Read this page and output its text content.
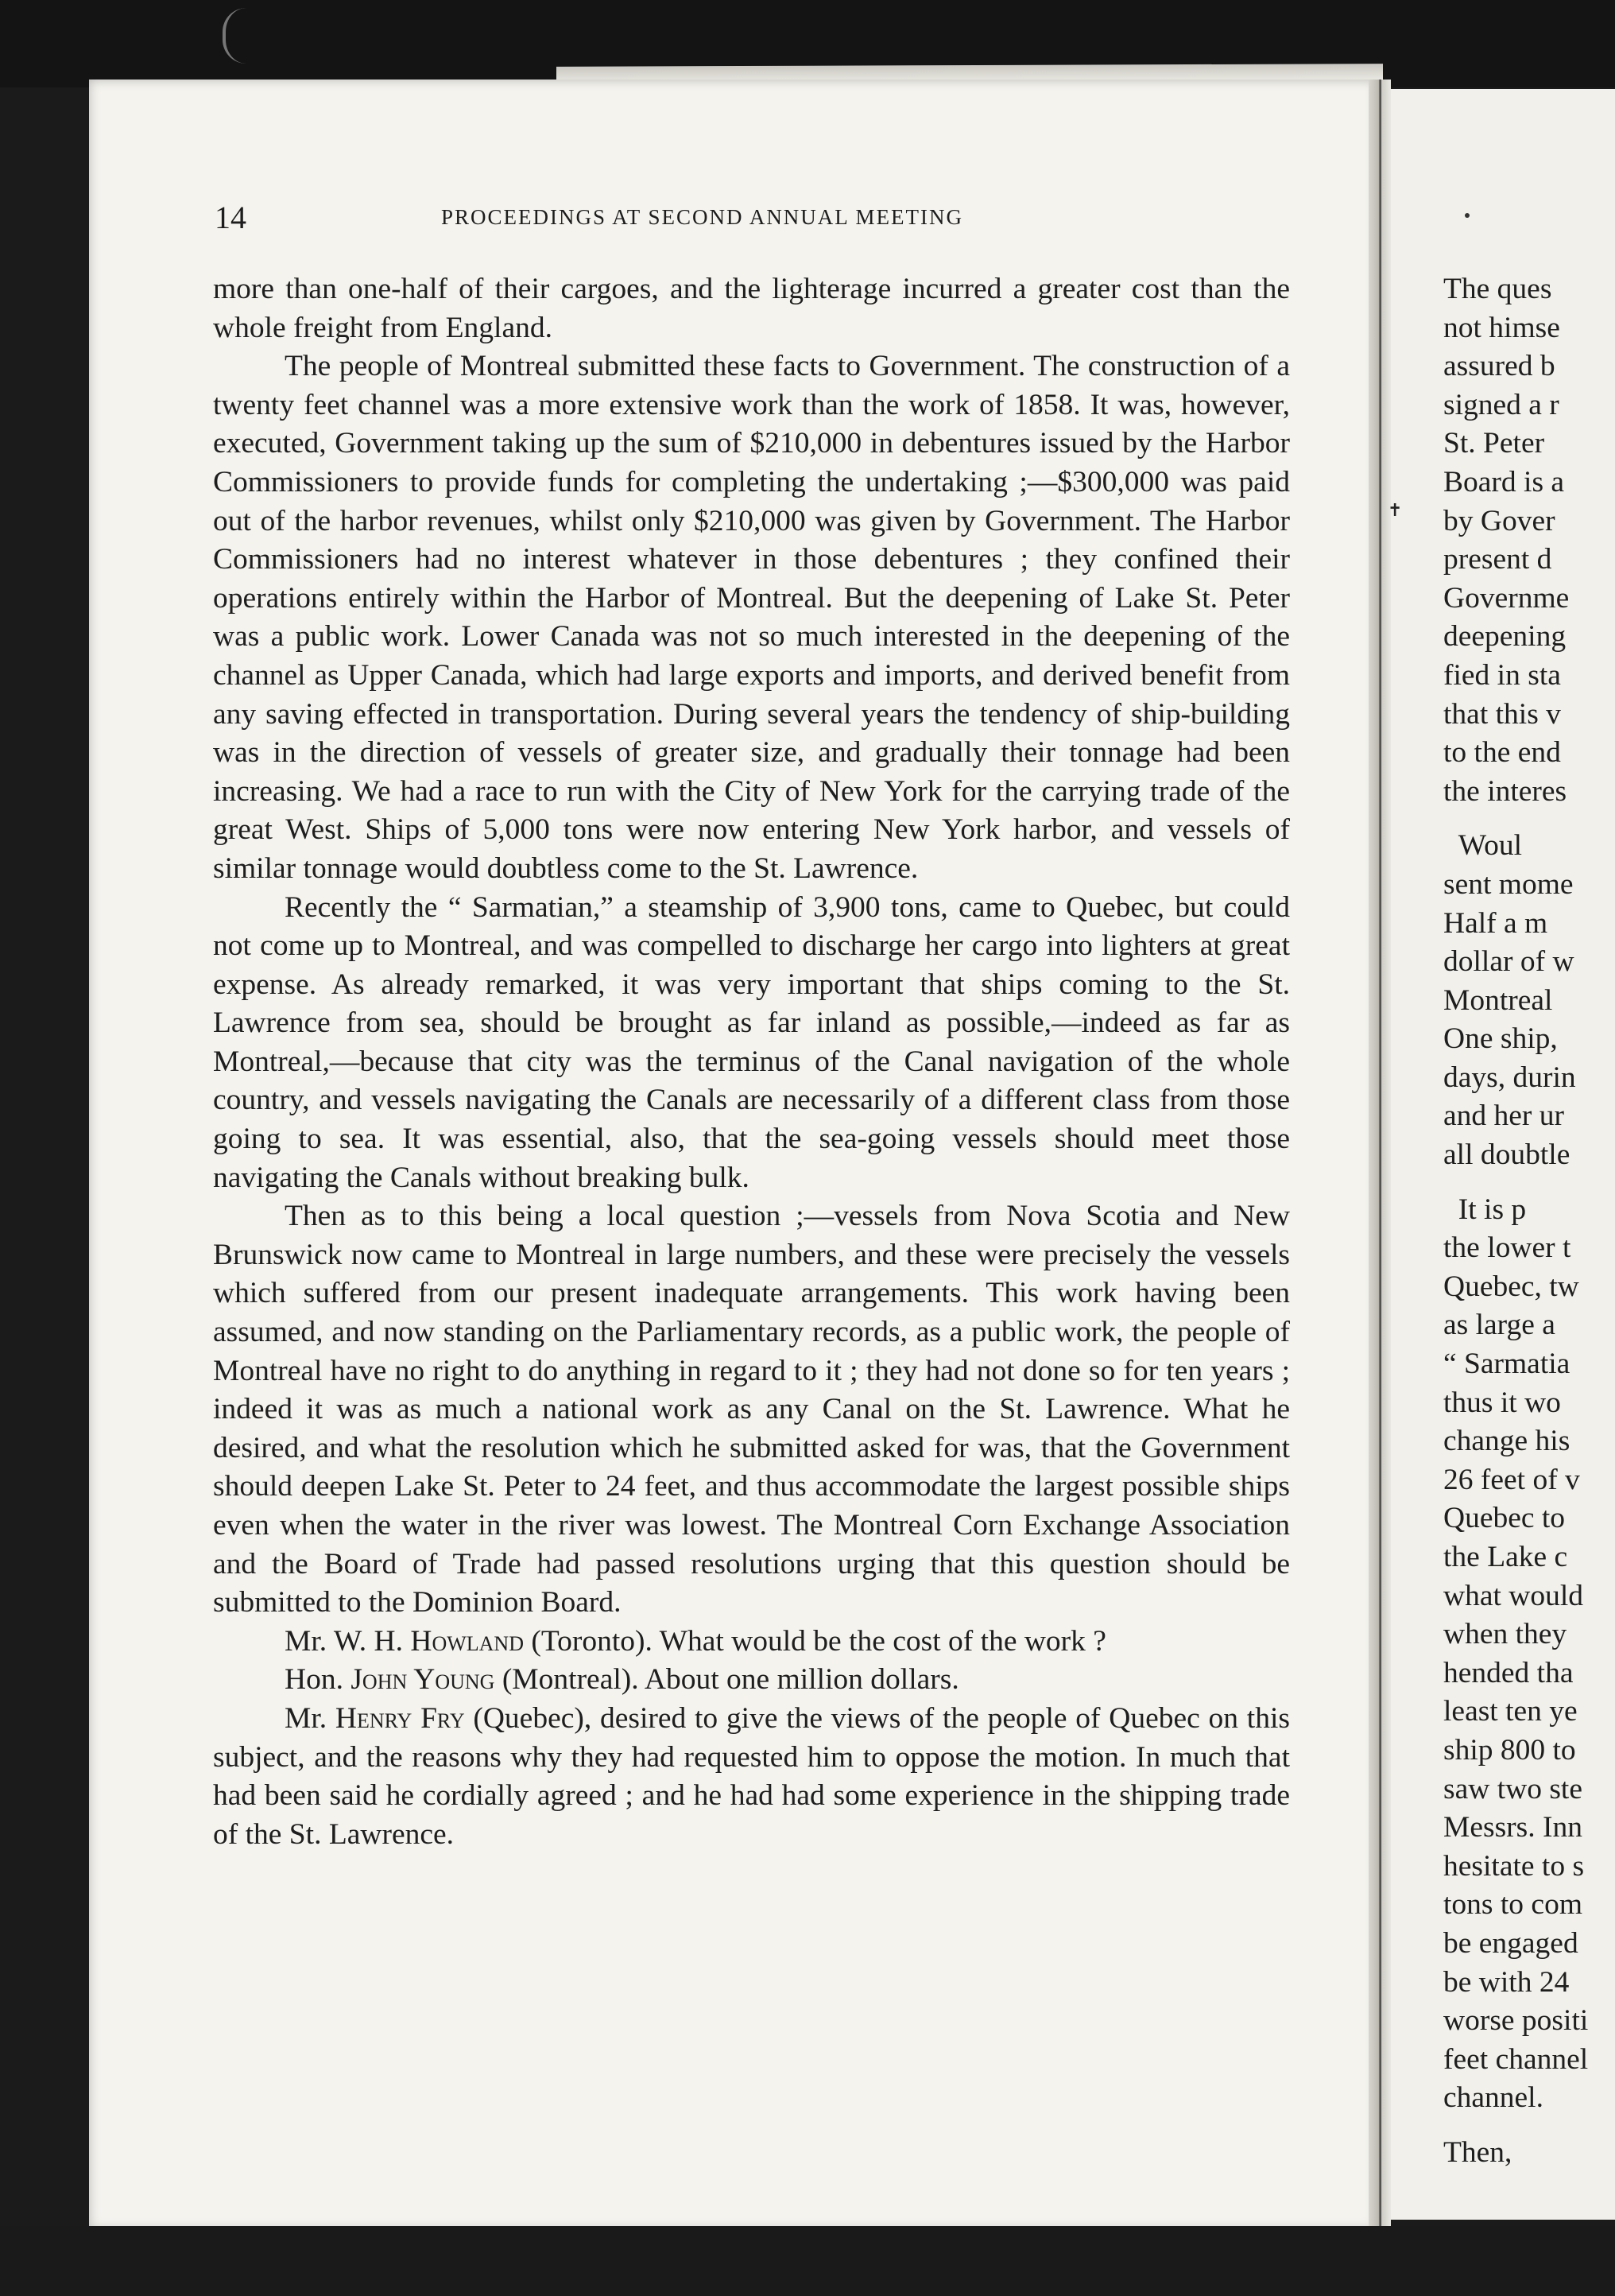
✝
14	PROCEEDINGS AT SECOND ANNUAL MEETING

more than one-half of their cargoes, and the lighterage incurred a greater cost than the whole freight from England.

The people of Montreal submitted these facts to Government. The construction of a twenty feet channel was a more extensive work than the work of 1858. It was, however, executed, Government taking up the sum of $210,000 in debentures issued by the Harbor Commissioners to provide funds for completing the undertaking ;—$300,000 was paid out of the harbor revenues, whilst only $210,000 was given by Government. The Harbor Commissioners had no interest whatever in those debentures ; they confined their operations entirely within the Harbor of Montreal. But the deepening of Lake St. Peter was a public work. Lower Canada was not so much interested in the deepening of the channel as Upper Canada, which had large exports and imports, and derived benefit from any saving effected in transportation. During several years the tendency of ship-building was in the direction of vessels of greater size, and gradually their tonnage had been increasing. We had a race to run with the City of New York for the carrying trade of the great West. Ships of 5,000 tons were now entering New York harbor, and vessels of similar tonnage would doubtless come to the St. Lawrence.

Recently the “ Sarmatian,” a steamship of 3,900 tons, came to Quebec, but could not come up to Montreal, and was compelled to discharge her cargo into lighters at great expense. As already remarked, it was very important that ships coming to the St. Lawrence from sea, should be brought as far inland as possible,—indeed as far as Montreal,—because that city was the terminus of the Canal navigation of the whole country, and vessels navigating the Canals are necessarily of a different class from those going to sea. It was essential, also, that the sea-going vessels should meet those navigating the Canals without breaking bulk.

Then as to this being a local question ;—vessels from Nova Scotia and New Brunswick now came to Montreal in large numbers, and these were precisely the vessels which suffered from our present inadequate arrangements. This work having been assumed, and now standing on the Parliamentary records, as a public work, the people of Montreal have no right to do anything in regard to it ; they had not done so for ten years ; indeed it was as much a national work as any Canal on the St. Lawrence. What he desired, and what the resolution which he submitted asked for was, that the Government should deepen Lake St. Peter to 24 feet, and thus accommodate the largest possible ships even when the water in the river was lowest. The Montreal Corn Exchange Association and the Board of Trade had passed resolutions urging that this question should be submitted to the Dominion Board.

Mr. W. H. Howland (Toronto). What would be the cost of the work ?

Hon. John Young (Montreal). About one million dollars.

Mr. Henry Fry (Quebec), desired to give the views of the people of Quebec on this subject, and the reasons why they had requested him to oppose the motion. In much that had been said he cordially agreed ; and he had had some experience in the shipping trade of the St. Lawrence.

The ques
not himse
assured b
signed a r
St. Peter
Board is a
by Gover
present d
Governme
deepening
fied in sta
that this v
to the end
the interes
Woul
sent mome
Half a m
dollar of w
Montreal
One ship,
days, durin
and her ur
all doubtle
It is p
the lower t
Quebec, tw
as large a
“ Sarmatia
thus it wo
change his
26 feet of v
Quebec to
the Lake c
what would
when they
hended tha
least ten ye
ship 800 to
saw two ste
Messrs. Inn
hesitate to s
tons to com
be engaged
be with 24
worse positi
feet channel
channel.
Then,
